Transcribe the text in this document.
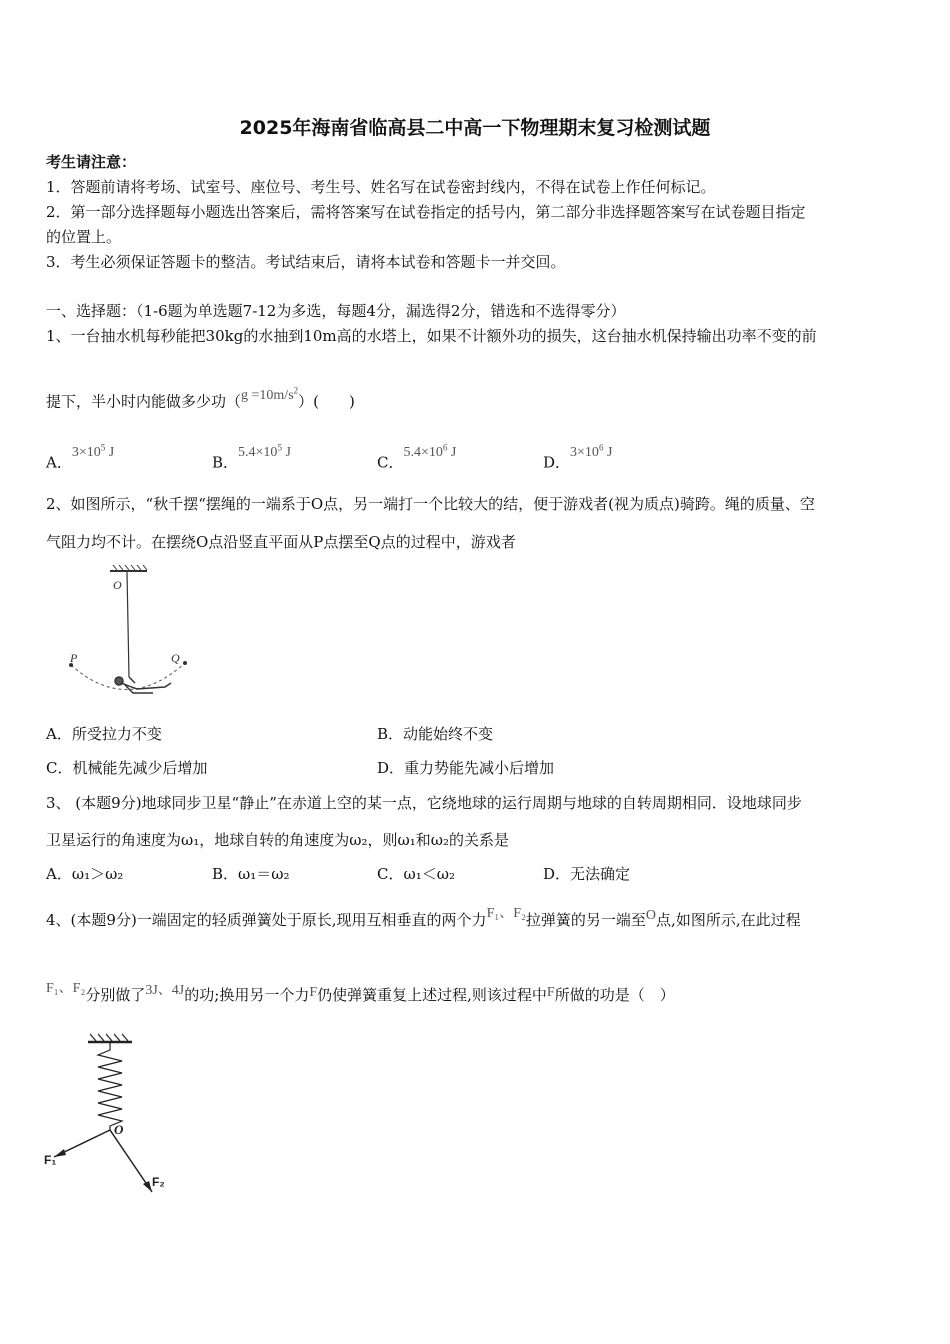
2025年海南省临高县二中高一下物理期末复习检测试题
考生请注意：
1．答题前请将考场、试室号、座位号、考生号、姓名写在试卷密封线内，不得在试卷上作任何标记。
2．第一部分选择题每小题选出答案后，需将答案写在试卷指定的括号内，第二部分非选择题答案写在试卷题目指定
的位置上。
3．考生必须保证答题卡的整洁。考试结束后，请将本试卷和答题卡一并交回。
一、选择题：（1-6题为单选题7-12为多选，每题4分，漏选得2分，错选和不选得零分）
1、一台抽水机每秒能把30kg的水抽到10m高的水塔上，如果不计额外功的损失，这台抽水机保持输出功率不变的前
提下，半小时内能做多少功$(g =10m/s^2)$(　　)
A．$3\times 10^5$ J
B．$5.4\times 10^5$ J
C．$5.4\times 10^6$ J
D．$3\times 10^6$ J
2、如图所示，“秋千摆“摆绳的一端系于O点，另一端打一个比较大的结，便于游戏者(视为质点)骑跨。绳的质量、空
气阻力均不计。在摆绕O点沿竖直平面从P点摆至Q点的过程中，游戏者
O
P	Q
A．所受拉力不变	B．动能始终不变
C．机械能先减少后增加	D．重力势能先减小后增加
3、 (本题9分)地球同步卫星“静止”在赤道上空的某一点，它绕地球的运行周期与地球的自转周期相同．设地球同步
卫星运行的角速度为ω₁，地球自转的角速度为ω₂，则ω₁和ω₂的关系是
A．ω₁＞ω₂	B．ω₁＝ω₂	C．ω₁＜ω₂	D．无法确定
4、(本题9分)一端固定的轻质弹簧处于原长,现用互相垂直的两个力F₁、F₂拉弹簧的另一端至O点,如图所示,在此过程
F₁、F₂分别做了3J、4J的功;换用另一个力F仍使弹簧重复上述过程,则该过程中F所做的功是（　）
O
F₁
F₂
